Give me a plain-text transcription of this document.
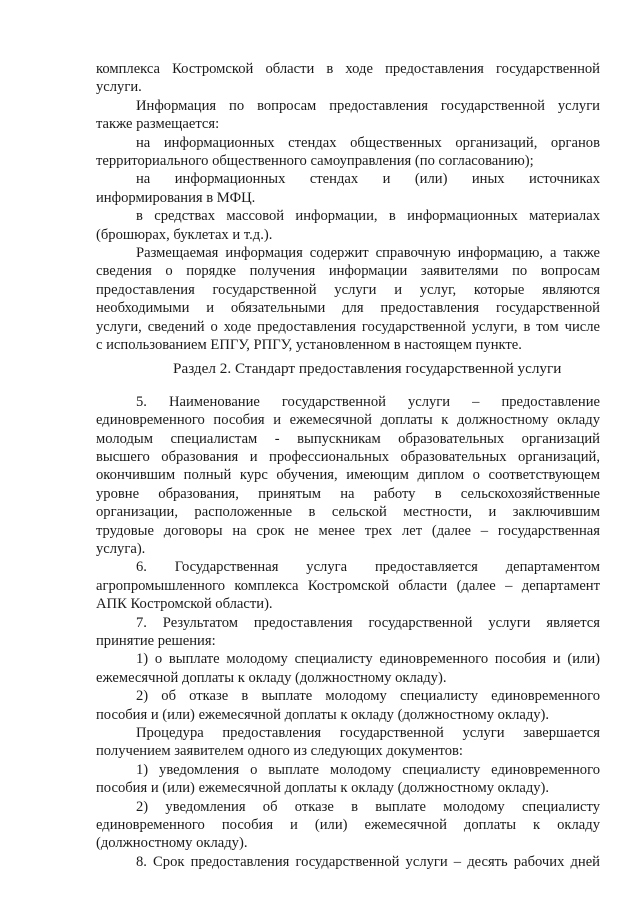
комплекса Костромской области в ходе предоставления государственной
услуги.
Информация по вопросам предоставления государственной услуги
также размещается:
на информационных стендах общественных организаций, органов
территориального общественного самоуправления (по согласованию);
на информационных стендах и (или) иных источниках
информирования в МФЦ.
в средствах массовой информации, в информационных материалах
(брошюрах, буклетах и т.д.).
Размещаемая информация содержит справочную информацию, а также
сведения о порядке получения информации заявителями по вопросам
предоставления государственной услуги и услуг, которые являются
необходимыми и обязательными для предоставления государственной
услуги, сведений о ходе предоставления государственной услуги, в том числе
с использованием ЕПГУ, РПГУ, установленном в настоящем пункте.
Раздел 2. Стандарт предоставления государственной услуги
5. Наименование государственной услуги – предоставление
единовременного пособия и ежемесячной доплаты к должностному окладу
молодым специалистам - выпускникам образовательных организаций
высшего образования и профессиональных образовательных организаций,
окончившим полный курс обучения, имеющим диплом о соответствующем
уровне образования, принятым на работу в сельскохозяйственные
организации, расположенные в сельской местности, и заключившим
трудовые договоры на срок не менее трех лет (далее – государственная
услуга).
6. Государственная услуга предоставляется департаментом
агропромышленного комплекса Костромской области (далее – департамент
АПК Костромской области).
7. Результатом предоставления государственной услуги является
принятие решения:
1) о выплате молодому специалисту единовременного пособия и (или)
ежемесячной доплаты к окладу (должностному окладу).
2) об отказе в выплате молодому специалисту единовременного
пособия и (или) ежемесячной доплаты к окладу (должностному окладу).
Процедура предоставления государственной услуги завершается
получением заявителем одного из следующих документов:
1) уведомления о выплате молодому специалисту единовременного
пособия и (или) ежемесячной доплаты к окладу (должностному окладу).
2) уведомления об отказе в выплате молодому специалисту
единовременного пособия и (или) ежемесячной доплаты к окладу
(должностному окладу).
8. Срок предоставления государственной услуги – десять рабочих дней
